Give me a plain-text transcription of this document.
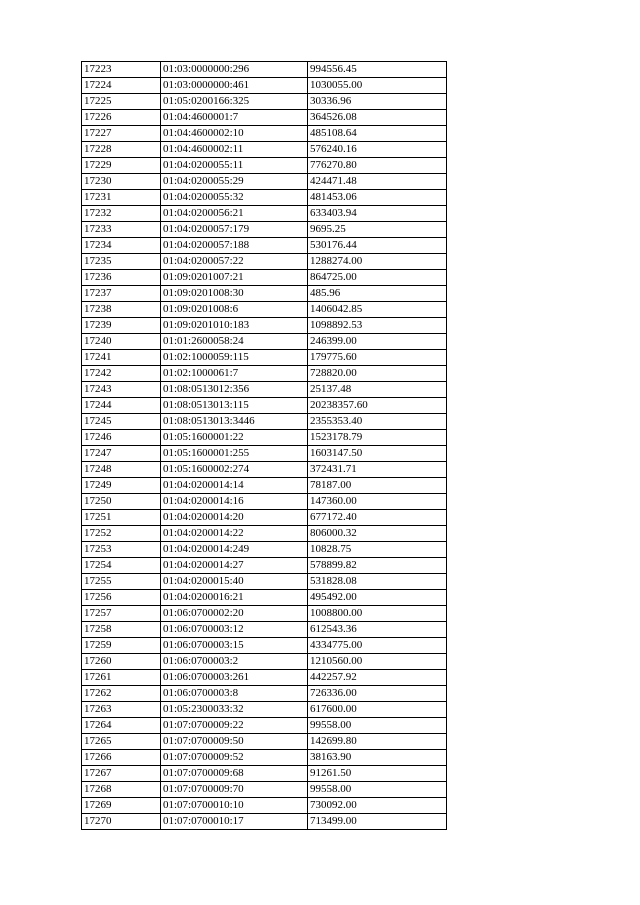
17223	01:03:0000000:296	994556.45
17224	01:03:0000000:461	1030055.00
17225	01:05:0200166:325	30336.96
17226	01:04:4600001:7	364526.08
17227	01:04:4600002:10	485108.64
17228	01:04:4600002:11	576240.16
17229	01:04:0200055:11	776270.80
17230	01:04:0200055:29	424471.48
17231	01:04:0200055:32	481453.06
17232	01:04:0200056:21	633403.94
17233	01:04:0200057:179	9695.25
17234	01:04:0200057:188	530176.44
17235	01:04:0200057:22	1288274.00
17236	01:09:0201007:21	864725.00
17237	01:09:0201008:30	485.96
17238	01:09:0201008:6	1406042.85
17239	01:09:0201010:183	1098892.53
17240	01:01:2600058:24	246399.00
17241	01:02:1000059:115	179775.60
17242	01:02:1000061:7	728820.00
17243	01:08:0513012:356	25137.48
17244	01:08:0513013:115	20238357.60
17245	01:08:0513013:3446	2355353.40
17246	01:05:1600001:22	1523178.79
17247	01:05:1600001:255	1603147.50
17248	01:05:1600002:274	372431.71
17249	01:04:0200014:14	78187.00
17250	01:04:0200014:16	147360.00
17251	01:04:0200014:20	677172.40
17252	01:04:0200014:22	806000.32
17253	01:04:0200014:249	10828.75
17254	01:04:0200014:27	578899.82
17255	01:04:0200015:40	531828.08
17256	01:04:0200016:21	495492.00
17257	01:06:0700002:20	1008800.00
17258	01:06:0700003:12	612543.36
17259	01:06:0700003:15	4334775.00
17260	01:06:0700003:2	1210560.00
17261	01:06:0700003:261	442257.92
17262	01:06:0700003:8	726336.00
17263	01:05:2300033:32	617600.00
17264	01:07:0700009:22	99558.00
17265	01:07:0700009:50	142699.80
17266	01:07:0700009:52	38163.90
17267	01:07:0700009:68	91261.50
17268	01:07:0700009:70	99558.00
17269	01:07:0700010:10	730092.00
17270	01:07:0700010:17	713499.00
